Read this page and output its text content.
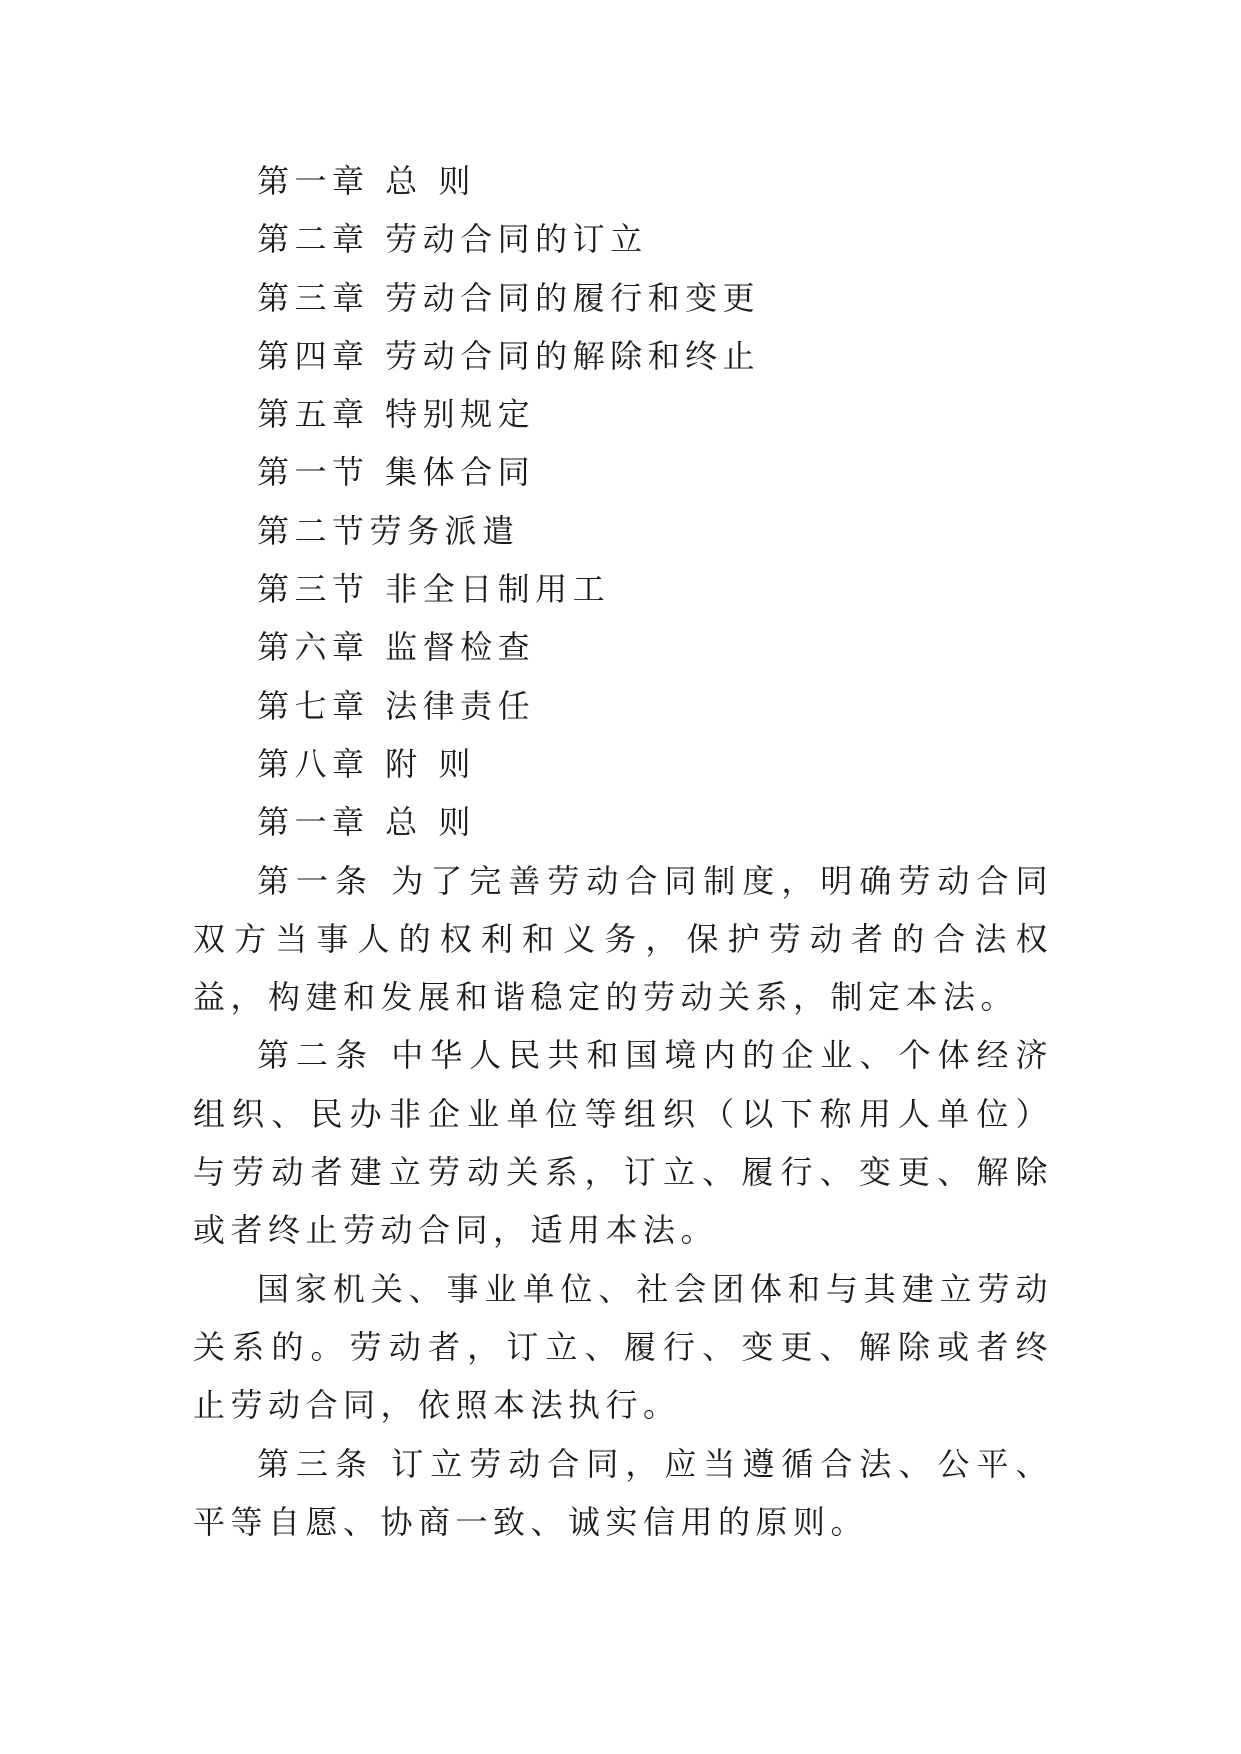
第一章 总 则

第二章 劳动合同的订立

第三章 劳动合同的履行和变更

第四章 劳动合同的解除和终止

第五章 特别规定

第一节 集体合同

第二节劳务派遣

第三节 非全日制用工

第六章 监督检查

第七章 法律责任

第八章 附 则

第一章 总 则

第一条 为了完善劳动合同制度，明确劳动合同双方当事人的权利和义务，保护劳动者的合法权益，构建和发展和谐稳定的劳动关系，制定本法。

第二条 中华人民共和国境内的企业、个体经济组织、民办非企业单位等组织（以下称用人单位）与劳动者建立劳动关系，订立、履行、变更、解除或者终止劳动合同，适用本法。

国家机关、事业单位、社会团体和与其建立劳动关系的。劳动者，订立、履行、变更、解除或者终止劳动合同，依照本法执行。

第三条 订立劳动合同，应当遵循合法、公平、平等自愿、协商一致、诚实信用的原则。
